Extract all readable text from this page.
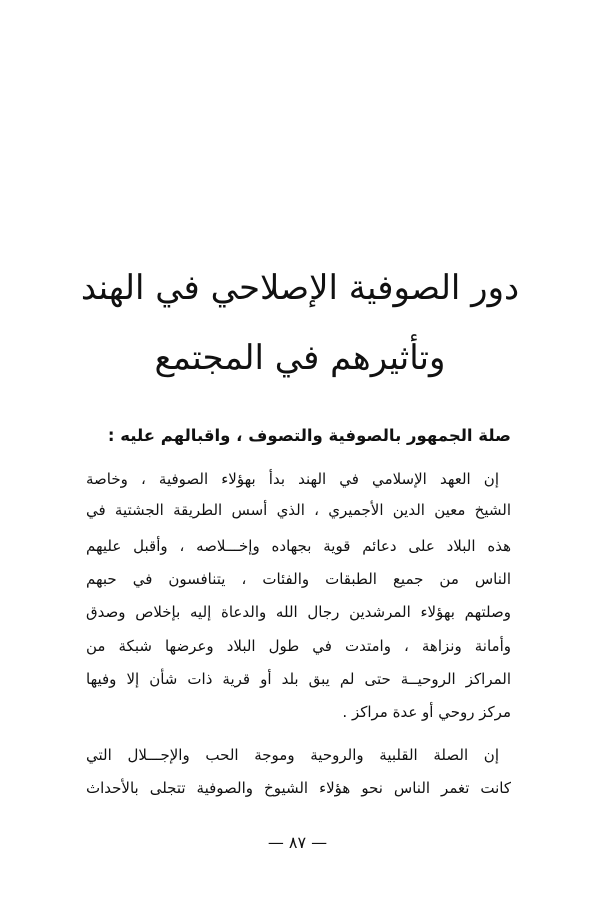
دور الصوفية الإصلاحي في الهند
وتأثيرهم في المجتمع
صلة الجمهور بالصوفية والتصوف ، واقبالهم عليه :
إن العهد الإسلامي في الهند بدأ بهؤلاء الصوفية ، وخاصة
الشيخ معين الدين الأجميري ، الذي أسس الطريقة الجشتية في
هذه البلاد على دعائم قوية بجهاده وإخـــلاصه ، وأقبل عليهم
الناس من جميع الطبقات والفئات ، يتنافسون في حبهم
وصلتهم بهؤلاء المرشدين رجال الله والدعاة إليه بإخلاص وصدق
وأمانة ونزاهة ، وامتدت في طول البلاد وعرضها شبكة من
المراكز الروحيــة حتى لم يبق بلد أو قرية ذات شأن إلا وفيها
مركز روحي أو عدة مراكز .
إن الصلة القلبية والروحية وموجة الحب والإجـــلال التي
كانت تغمر الناس نحو هؤلاء الشيوخ والصوفية تتجلى بالأحداث
— ٨٧ —
